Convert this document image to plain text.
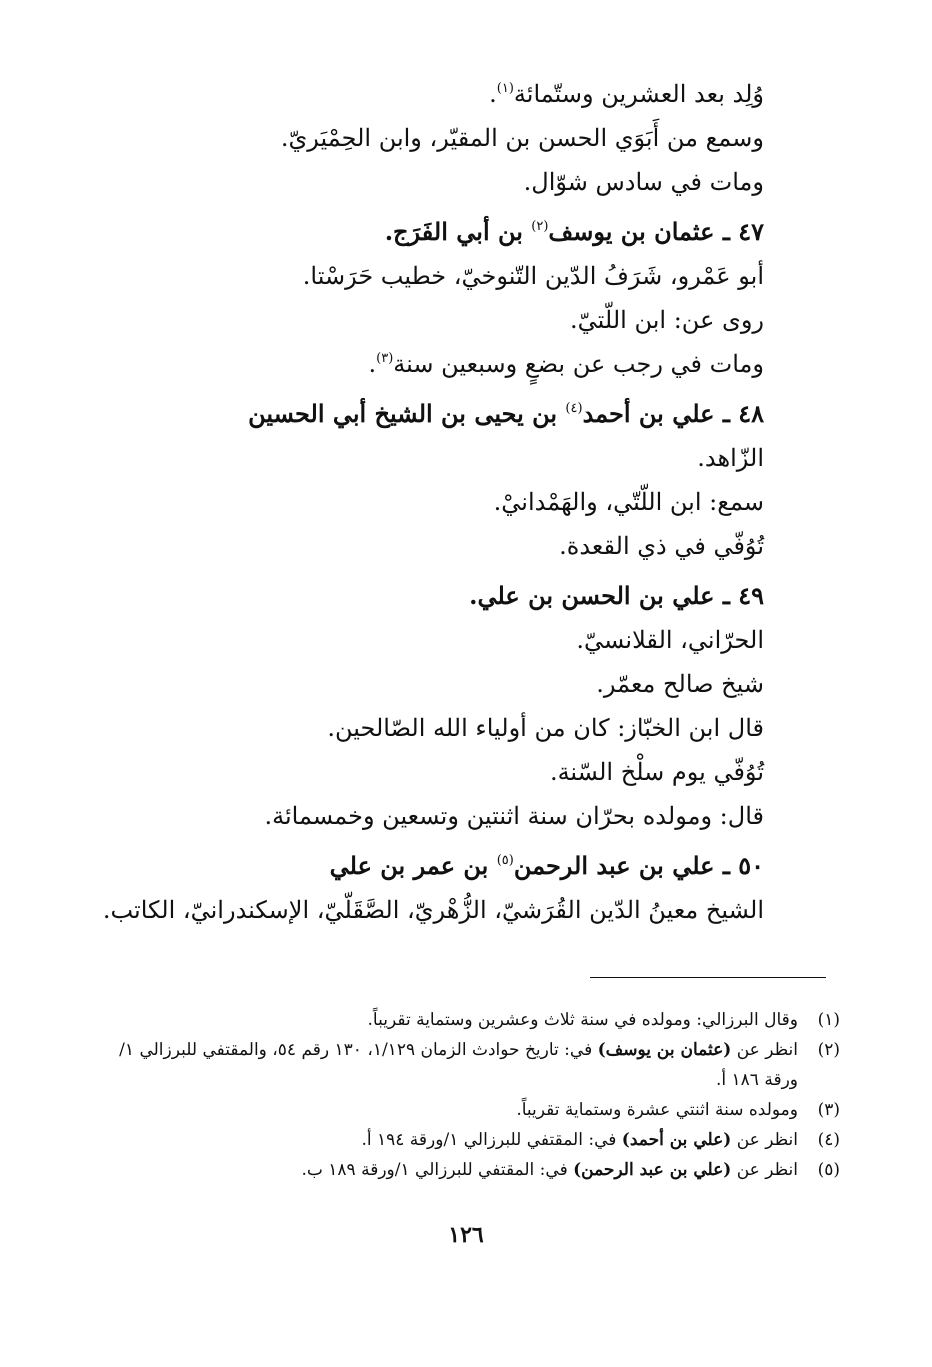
وُلِد بعد العشرين وستّمائة$^{(١)}$.
وسمع من أَبَوَي الحسن بن المقيّر، وابن الحِمْيَريّ.
ومات في سادس شوّال.
٤٧ ـ عثمان بن يوسف$^{(٢)}$ بن أبي الفَرَج.
أبو عَمْرو، شَرَفُ الدّين التّنوخيّ، خطيب حَرَسْتا.
روى عن: ابن اللّتيّ.
ومات في رجب عن بضعٍ وسبعين سنة$^{(٣)}$.
٤٨ ـ علي بن أحمد$^{(٤)}$ بن يحيى بن الشيخ أبي الحسين
الزّاهد.
سمع: ابن اللّتّي، والهَمْدانيْ.
تُوُفّي في ذي القعدة.
٤٩ ـ علي بن الحسن بن علي.
الحرّاني، القلانسيّ.
شيخ صالح معمّر.
قال ابن الخبّاز: كان من أولياء الله الصّالحين.
تُوُفّي يوم سلْخ السّنة.
قال: ومولده بحرّان سنة اثنتين وتسعين وخمسمائة.
٥٠ ـ علي بن عبد الرحمن$^{(٥)}$ بن عمر بن علي
الشيخ معينُ الدّين القُرَشيّ، الزُّهْريّ، الصَّقَلّيّ، الإسكندرانيّ، الكاتب.
(١)
وقال البرزالي: ومولده في سنة ثلاث وعشرين وستماية تقريباً.
(٢)
انظر عن (عثمان بن يوسف) في: تاريخ حوادث الزمان ١/١٢٩، ١٣٠ رقم ٥٤، والمقتفي للبرزالي ١/ورقة ١٨٦ أ.
(٣)
ومولده سنة اثنتي عشرة وستماية تقريباً.
(٤)
انظر عن (علي بن أحمد) في: المقتفي للبرزالي ١/ورقة ١٩٤ أ.
(٥)
انظر عن (علي بن عبد الرحمن) في: المقتفي للبرزالي ١/ورقة ١٨٩ ب.
١٢٦
